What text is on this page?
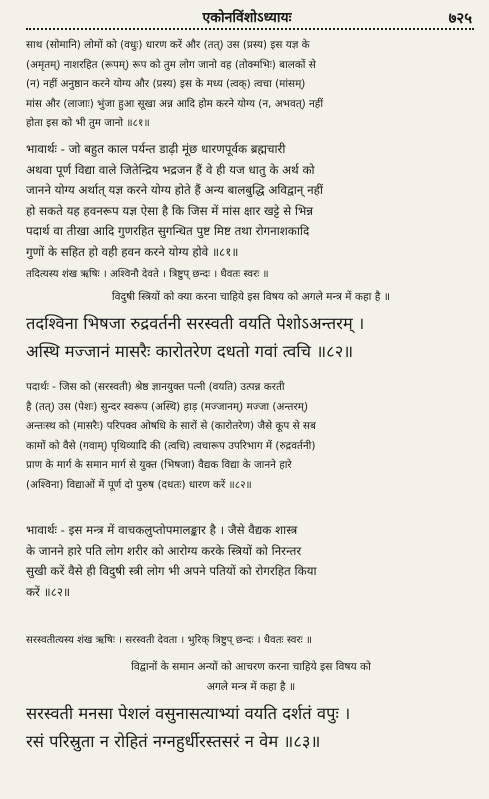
एकोनविंशोऽध्यायः	७२५
साथ (सोमानि) लोमों को (वधुः) धारण करें और (तत्) उस (प्रस्य) इस यज्ञ के
(अमृतम्) नाशरहित (रूपम्) रूप को तुम लोग जानो वह (तोक्मभिः) बालकों से
(न) नहीं अनुष्ठान करने योग्य और (प्रस्य) इस के मध्य (त्वक्) त्वचा (मांसम्)
मांस और (लाजाः) भुंजा हुआ सूखा अन्न आदि होम करने योग्य (न, अभवत्) नहीं
होता इस को भी तुम जानो ॥८१॥
भावार्थः - जो बहुत काल पर्यन्त डाढ़ी मूंछ धारणपूर्वक ब्रह्मचारी
अथवा पूर्ण विद्या वाले जितेन्द्रिय भद्रजन हैं वे ही यज धातु के अर्थ को
जानने योग्य अर्थात् यज्ञ करने योग्य होते हैं अन्य बालबुद्धि अविद्वान् नहीं
हो सकते यह हवनरूप यज्ञ ऐसा है कि जिस में मांस क्षार खट्टे से भिन्न
पदार्थ वा तीखा आदि गुणरहित सुगन्धित पुष्ट मिष्ट तथा रोगनाशकादि
गुणों के सहित हो वही हवन करने योग्य होवे ॥८१॥
तदित्यस्य शंख ऋषिः । अश्विनौ देवते । त्रिष्टुप् छन्दः । धैवतः स्वरः ॥
विदुषी स्त्रियों को क्या करना चाहिये इस विषय को अगले मन्त्र में कहा है ॥
तदश्विना भिषजा रुद्रवर्तनी सरस्वती वयति पेशोऽअन्तरम् ।
अस्थि मज्जानं मासरैः कारोतरेण दधतो गवां त्वचि ॥८२॥
पदार्थः - जिस को (सरस्वती) श्रेष्ठ ज्ञानयुक्त पत्नी (वयति) उत्पन्न करती
है (तत्) उस (पेशः) सुन्दर स्वरूप (अस्थि) हाड़ (मज्जानम्) मज्जा (अन्तरम्)
अन्तःस्थ को (मासरैः) परिपक्व ओषधि के सारों से (कारोतरेण) जैसे कूप से सब
कामों को वैसे (गवाम्) पृथिव्यादि की (त्वचि) त्वचारूप उपरिभाग में (रुद्रवर्तनी)
प्राण के मार्ग के समान मार्ग से युक्त (भिषजा) वैद्यक विद्या के जानने हारे
(अश्विना) विद्याओं में पूर्ण दो पुरुष (दधतः) धारण करें ॥८२॥
भावार्थः - इस मन्त्र में वाचकलुप्तोपमालङ्कार है । जैसे वैद्यक शास्त्र
के जानने हारे पति लोग शरीर को आरोग्य करके स्त्रियों को निरन्तर
सुखी करें वैसे ही विदुषी स्त्री लोग भी अपने पतियों को रोगरहित किया
करें ॥८२॥
सरस्वतीत्यस्य शंख ऋषिः । सरस्वती देवता । भुरिक् त्रिष्टुप् छन्दः । धैवतः स्वरः ॥
विद्वानों के समान अन्यों को आचरण करना चाहिये इस विषय को
अगले मन्त्र में कहा है ॥
सरस्वती मनसा पेशलं वसुनासत्याभ्यां वयति दर्शतं वपुः ।
रसं परिस्रुता न रोहितं नग्नहुर्धीरस्तसरं न वेम ॥८३॥
